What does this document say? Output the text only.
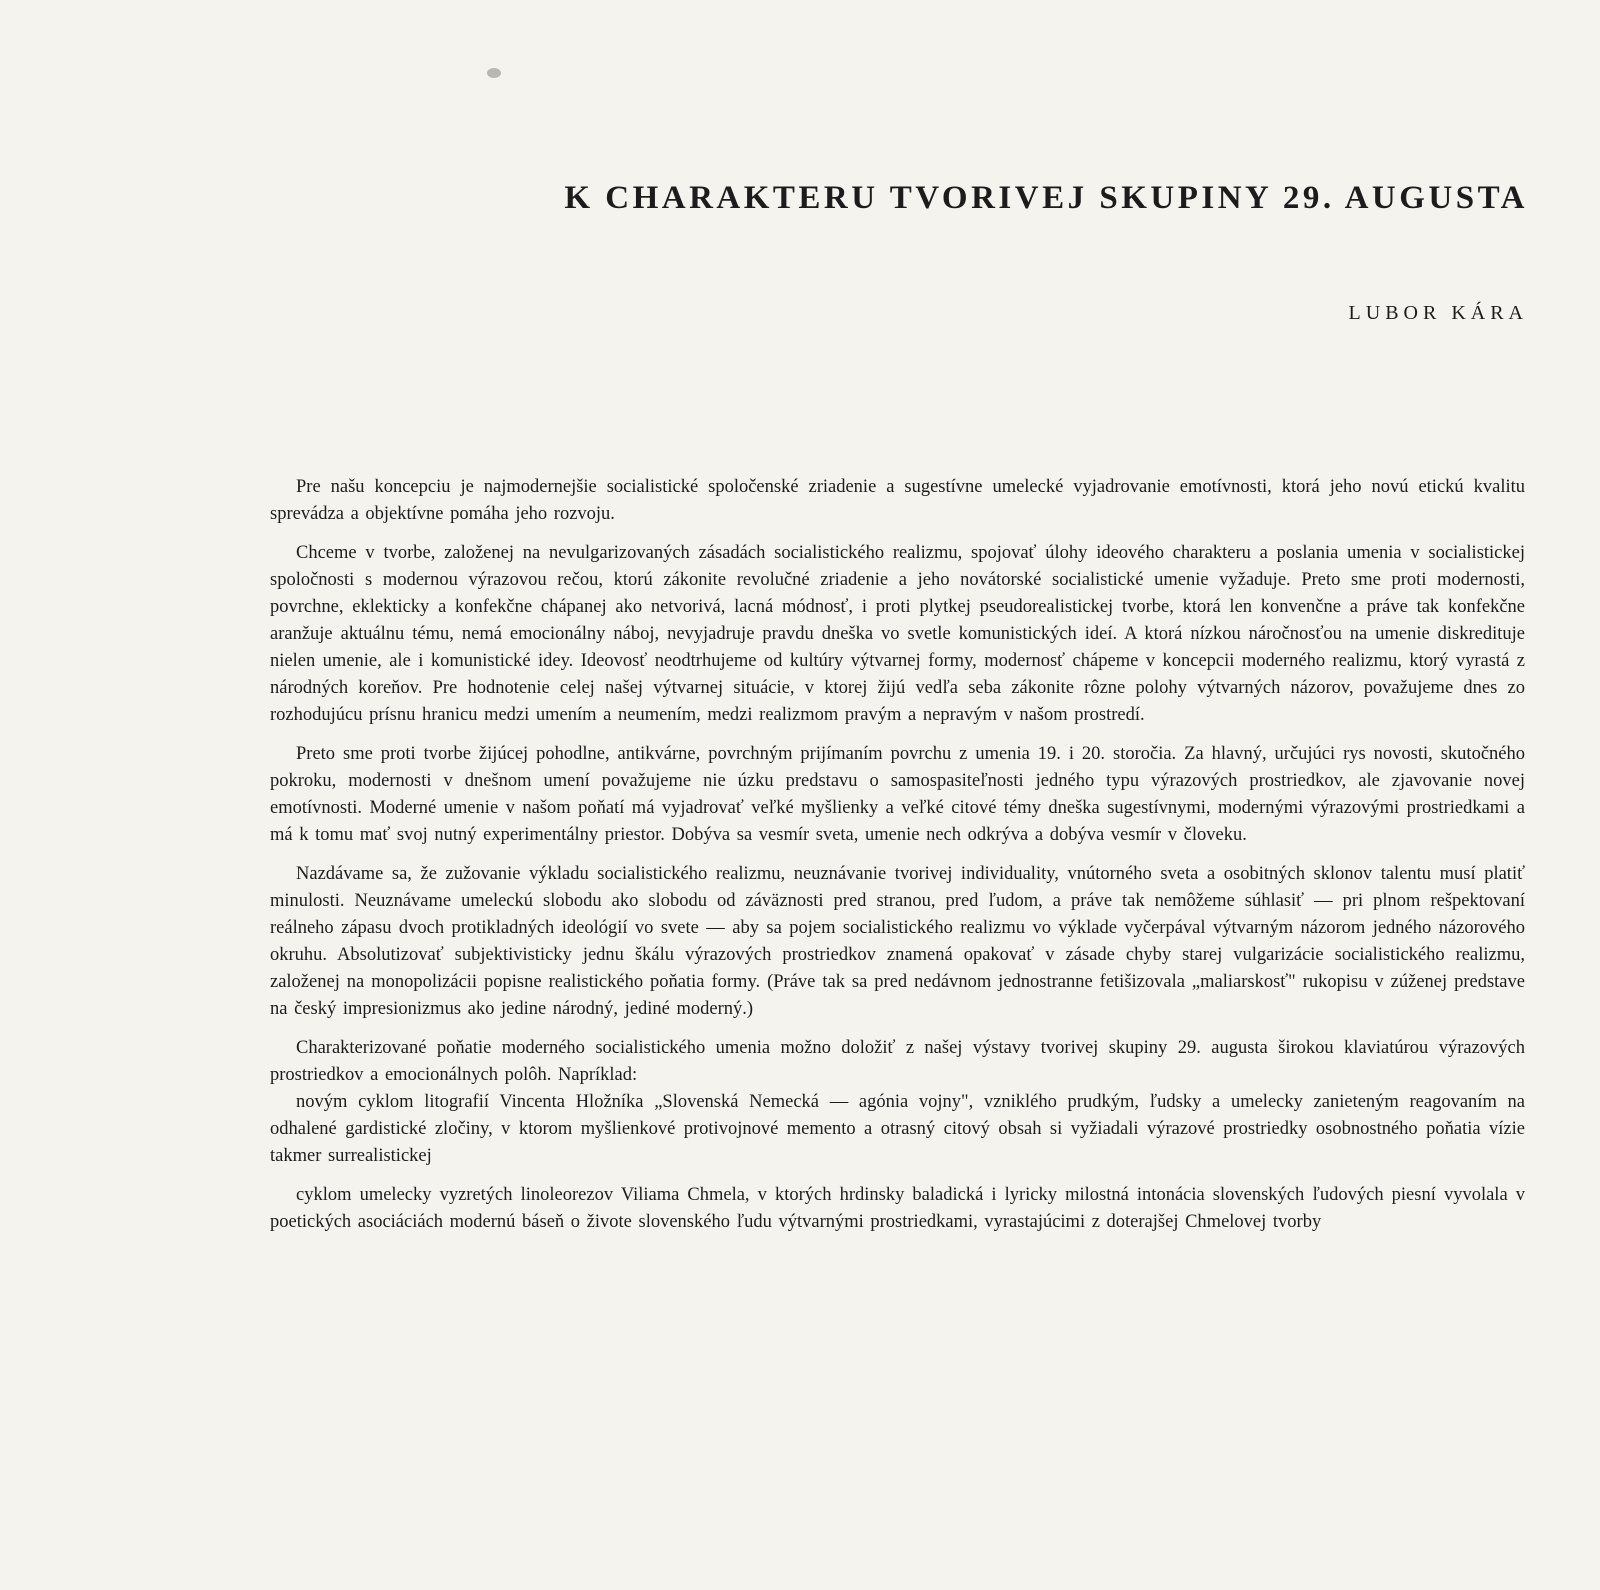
K CHARAKTERU TVORIVEJ SKUPINY 29. AUGUSTA
LUBOR KÁRA

Pre našu koncepciu je najmodernejšie socialistické spoločenské zriadenie a sugestívne umelecké vyjadrovanie emotívnosti, ktorá jeho novú etickú kvalitu sprevádza a objektívne pomáha jeho rozvoju.

Chceme v tvorbe, založenej na nevulgarizovaných zásadách socialistického realizmu, spojovať úlohy ideového charakteru a poslania umenia v socialistickej spoločnosti s modernou výrazovou rečou, ktorú zákonite revolučné zriadenie a jeho novátorské socialistické umenie vyžaduje. Preto sme proti modernosti, povrchne, eklekticky a konfekčne chápanej ako netvorivá, lacná módnosť, i proti plytkej pseudorealistickej tvorbe, ktorá len konvenčne a práve tak konfekčne aranžuje aktuálnu tému, nemá emocionálny náboj, nevyjadruje pravdu dneška vo svetle komunistických ideí. A ktorá nízkou náročnosťou na umenie diskredituje nielen umenie, ale i komunistické idey. Ideovosť neodtrhujeme od kultúry výtvarnej formy, modernosť chápeme v koncepcii moderného realizmu, ktorý vyrastá z národných koreňov. Pre hodnotenie celej našej výtvarnej situácie, v ktorej žijú vedľa seba zákonite rôzne polohy výtvarných názorov, považujeme dnes zo rozhodujúcu prísnu hranicu medzi umením a neumením, medzi realizmom pravým a nepravým v našom prostredí.

Preto sme proti tvorbe žijúcej pohodlne, antikvárne, povrchným prijímaním povrchu z umenia 19. i 20. storočia. Za hlavný, určujúci rys novosti, skutočného pokroku, modernosti v dnešnom umení považujeme nie úzku predstavu o samospasiteľnosti jedného typu výrazových prostriedkov, ale zjavovanie novej emotívnosti. Moderné umenie v našom poňatí má vyjadrovať veľké myšlienky a veľké citové témy dneška sugestívnymi, modernými výrazovými prostriedkami a má k tomu mať svoj nutný experimentálny priestor. Dobýva sa vesmír sveta, umenie nech odkrýva a dobýva vesmír v človeku.

Nazdávame sa, že zužovanie výkladu socialistického realizmu, neuznávanie tvorivej individuality, vnútorného sveta a osobitných sklonov talentu musí platiť minulosti. Neuznávame umeleckú slobodu ako slobodu od záväznosti pred stranou, pred ľudom, a práve tak nemôžeme súhlasiť — pri plnom rešpektovaní reálneho zápasu dvoch protikladných ideológií vo svete — aby sa pojem socialistického realizmu vo výklade vyčerpával výtvarným názorom jedného názorového okruhu. Absolutizovať subjektivisticky jednu škálu výrazových prostriedkov znamená opakovať v zásade chyby starej vulgarizácie socialistického realizmu, založenej na monopolizácii popisne realistického poňatia formy. (Práve tak sa pred nedávnom jednostranne fetišizovala „maliarskosť" rukopisu v zúženej predstave na český impresionizmus ako jedine národný, jediné moderný.)

Charakterizované poňatie moderného socialistického umenia možno doložiť z našej výstavy tvorivej skupiny 29. augusta širokou klaviatúrou výrazových prostriedkov a emocionálnych polôh. Napríklad:

novým cyklom litografií Vincenta Hložníka „Slovenská Nemecká — agónia vojny", vzniklého prudkým, ľudsky a umelecky zanieteným reagovaním na odhalené gardistické zločiny, v ktorom myšlienkové protivojnové memento a otrasný citový obsah si vyžiadali výrazové prostriedky osobnostného poňatia vízie takmer surrealistickej

cyklom umelecky vyzretých linoleorezov Viliama Chmela, v ktorých hrdinsky baladická i lyricky milostná intonácia slovenských ľudových piesní vyvolala v poetických asociáciách modernú báseň o živote slovenského ľudu výtvarnými prostriedkami, vyrastajúcimi z doterajšej Chmelovej tvorby
